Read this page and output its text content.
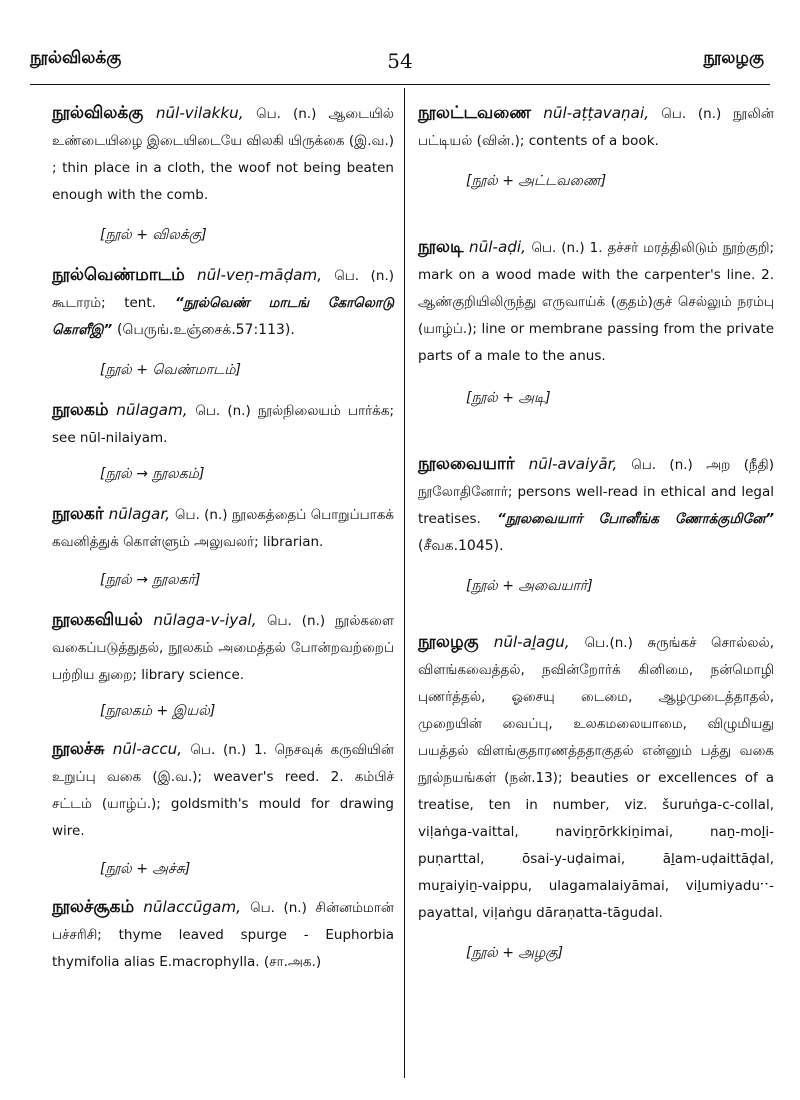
நூல்விலக்கு	54	நூலழகு
நூல்விலக்கு nūl-vilakku, பெ. (n.) ஆடையில் உண்டையிழை இடையிடையே விலகி யிருக்கை (இ.வ.) ; thin place in a cloth, the woof not being beaten enough with the comb.
[நூல் + விலக்கு]
நூல்வெண்மாடம் nūl-veṇ-māḍam, பெ. (n.) கூடாரம்; tent. “நூல்வெண் மாடங் கோலொடு கொளீஇ” (பெருங்.உஞ்சைக்.57:113).
[நூல் + வெண்மாடம்]
நூலகம் nūlagam, பெ. (n.) நூல்நிலையம் பார்க்க; see nūl-nilaiyam.
[நூல் → நூலகம்]
நூலகர் nūlagar, பெ. (n.) நூலகத்தைப் பொறுப்பாகக் கவனித்துக் கொள்ளும் அலுவலர்; librarian.
[நூல் → நூலகர்]
நூலகவியல் nūlaga-v-iyal, பெ. (n.) நூல்களை வகைப்படுத்துதல், நூலகம் அமைத்தல் போன்றவற்றைப் பற்றிய துறை; library science.
[நூலகம் + இயல்]
நூலச்சு nūl-accu, பெ. (n.) 1. நெசவுக் கருவியின் உறுப்பு வகை (இ.வ.); weaver's reed. 2. கம்பிச் சட்டம் (யாழ்ப்.); goldsmith's mould for drawing wire.
[நூல் + அச்சு]
நூலச்சூகம் nūlaccūgam, பெ. (n.) சின்னம்மான் பச்சரிசி; thyme leaved spurge - Euphorbia thymifolia alias E.macrophylla. (சா.அக.)
நூலட்டவணை nūl-aṭṭavaṇai, பெ. (n.) நூலின் பட்டியல் (வின்.); contents of a book.
[நூல் + அட்டவணை]
நூலடி nūl-aḍi, பெ. (n.) 1. தச்சர் மரத்திலிடும் நூற்குறி; mark on a wood made with the carpenter's line. 2. ஆண்குறியிலிருந்து எருவாய்க் (குதம்)குச் செல்லும் நரம்பு (யாழ்ப்.); line or membrane passing from the private parts of a male to the anus.
[நூல் + அடி]
நூலவையார் nūl-avaiyār, பெ. (n.) அற (நீதி) நூலோதினோர்; persons well-read in ethical and legal treatises. “நூலவையார் போனீங்க ணோக்குமினே” (சீவக.1045).
[நூல் + அவையார்]
நூலழகு nūl-aḻagu, பெ.(n.) சுருங்கச் சொல்லல், விளங்கவைத்தல், நவின்றோர்க் கினிமை, நன்மொழி புணர்த்தல், ஓசையு டைமை, ஆழமுடைத்தாதல், முறையின் வைப்பு, உலகமலையாமை, விழுமியது பயத்தல் விளங்குதாரணத்ததாகுதல் என்னும் பத்து வகை நூல்நயங்கள் (நன்.13); beauties or excellences of a treatise, ten in number, viz. šuruṅga-c-collal, viḷaṅga-vaittal, naviṉṟōrkkiṉimai, naṉ-moḻi-puṇarttal, ōsai-y-uḍaimai, āḻam-uḍaittāḍal, muṟaiyiṉ-vaippu, ulagamalaiyāmai, viḻumiyaduˑˑ-payattal, viḷaṅgu dāraṇatta-tāgudal.
[நூல் + அழகு]
